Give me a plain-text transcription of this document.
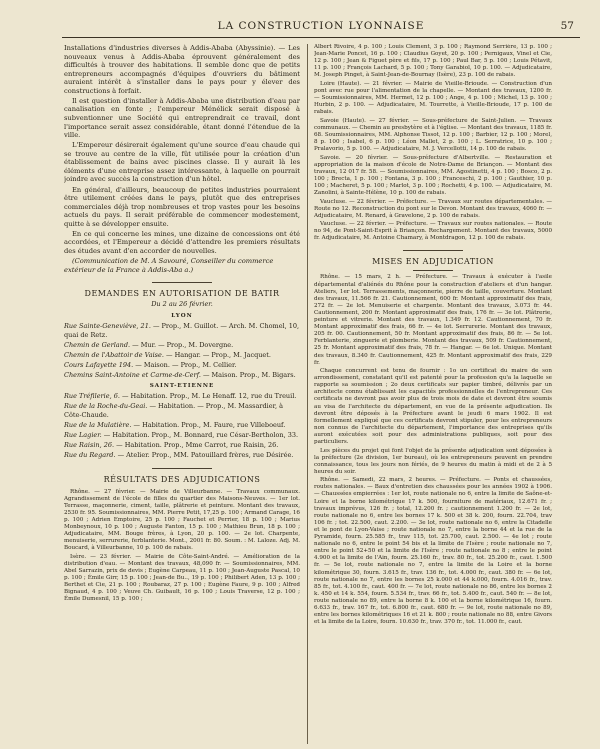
LA CONSTRUCTION LYONNAISE	57

Installations d'industries diverses à Addis-Ababa (Abyssinie). — Les nouveaux venus à Addis-Ababa éprouvent généralement des difficultés à trouver des habitations. Il semble donc que de petits entrepreneurs accompagnés d'équipes d'ouvriers du bâtiment auraient intérêt à s'installer dans le pays pour y élever des constructions à forfait.

Il est question d'installer à Addis-Ababa une distribution d'eau par canalisation en fonte ; l'empereur Ménélick serait disposé à subventionner une Société qui entreprendrait ce travail, dont l'importance serait assez considérable, étant donné l'étendue de la ville.

L'Empereur désirerait également qu'une source d'eau chaude qui se trouve au centre de la ville, fût utilisée pour la création d'un établissement de bains avec piscines classe. Il y aurait là les éléments d'une entreprise assez intéressante, à laquelle on pourrait joindre avec succès la construction d'un hôtel.

En général, d'ailleurs, beaucoup de petites industries pourraient être utilement créées dans le pays, plutôt que des entreprises commerciales déjà trop nombreuses et trop vastes pour les besoins actuels du pays. Il serait préférable de commencer modestement, quitte à se développer ensuite.

En ce qui concerne les mines, une dizaine de concessions ont été accordées, et l'Empereur a décidé d'attendre les premiers résultats des études avant d'en accorder de nouvelles.

(Communication de M. A Savouré, Conseiller du commerce extérieur de la France à Addis-Aba a.)

DEMANDES EN AUTORISATION DE BATIR
Du 2 au 26 février.
LYON

Rue Sainte-Geneviève, 21. — Prop., M. Guillot. — Arch. M. Chomel, 10, quai de Retz.

Chemin de Gerland. — Mur. — Prop., M. Dovergne.

Chemin de l'Abattoir de Vaise. — Hangar. — Prop., M. Jacquet.

Cours Lafayette 194. — Maison. — Prop., M. Cellier.

Chemins Saint-Antoine et Carme-de-Cerf. — Maison. Prop., M. Bigars.

SAINT-ETIENNE

Rue Tréfilerie, 6. — Habitation. Prop., M. Le Henaff. 12, rue du Treuil.

Rue de la Roche-du-Geai. — Habitation. — Prop., M. Massardier, à Côte-Chaude.

Rue de la Mulatière. — Habitation. Prop., M. Faure, rue Villeboeuf.

Rue Lagier. — Habitation. Prop., M. Bonnard, rue César-Bertholon, 33.

Rue Raisin, 26. — Habitation. Prop., Mme Carrot, rue Raisin, 26.

Rue du Regard. — Atelier. Prop., MM. Patouillard frères, rue Désirée.

RÉSULTATS DES ADJUDICATIONS

Rhône. — 27 février. — Mairie de Villeurbanne. — Travaux communaux. Agrandissement de l'école de filles du quartier des Maisons-Neuves. — 1er lot. Terrasse, maçonnerie, ciment, taille, plâtrerie et peinture. Montant des travaux, 2530 fr. 95. Soumissionnaires, MM. Pierre Petit, 17,25 p. 100 ; Armand Carage, 16 p. 100 ; Adrien Emptoire, 25 p. 100 ; Fauchet et Perrier, 18 p. 100 ; Marius Monbeynoux, 10 p. 100 ; Auguste Fanton, 15 p. 100 ; Mathieu Brun, 18 p. 100 ; Adjudicataire, MM. Bouge frères, à Lyon, 20 p. 100. — 2e lot. Charpente, menuiserie, serrurerie, ferblanterie. Mont., 2001 fr. 80. Soum. : M. Laloze. Adj. M. Boucard, à Villeurbanne, 10 p. 100 de rabais.

Isère. — 23 février. — Mairie de Côte-Saint-André. — Amélioration de la distribution d'eau. — Montant des travaux, 48,090 fr. — Soumissionnaires, MM. Abel Sarrazin, prix de devis ; Eugène Carpeau, 11 p. 100 ; Jean-Auguste Pascal, 10 p. 100 ; Émile Girr, 15 p. 100 ; Jean-de Bu.., 19 p. 100 ; Philibert Aden, 13 p. 100 ; Berthet et Cie, 21 p. 100 ; Roubaraz, 27 p. 100 ; Eugène Faure, 9 p. 100 ; Alfred Bignaud, 4 p. 100 ; Veuve Ch. Guibault, 16 p. 100 ; Louis Traverse, 12 p. 100 ; Émile Dumesnil, 15 p. 100 ;

Albert Rivoire, 4 p. 100 ; Louis Clement, 3 p. 100 ; Raymond Serrière, 13 p. 100 ; Jean-Marie Poncet, 16 p. 100 ; Claudius Goyet, 20 p. 100 ; Pernigaux, Vinel et Cie, 12 p. 100 ; Jean & Figuet père et fils, 17 p. 100 ; Paul Bar, 5 p. 100 ; Louis Pétavit, 11 p. 100 ; François Lachard, 5 p. 100 ; Tony Garabiol, 10 p. 100. — Adjudicataire, M. Joseph Pinget, à Saint-Jean-de-Bournay (Isère), 23 p. 100 de rabais.

Loire (Haute). — 21 février. — Mairie de Vieille-Brioude. — Construction d'un pont avec rue pour l'alimentation de la chapelle. — Montant des travaux, 1200 fr. — Soumissionnaires, MM. Hermet, 12 p. 100 ; Ange, 4 p. 100 ; Michel, 13 p. 100 ; Hurbin, 2 p. 100. — Adjudicataire, M. Tourrette, à Vieille-Brioude, 17 p. 100 de rabais.

Savoie (Haute). — 27 février. — Sous-préfecture de Saint-Julien. — Travaux communaux. — Chemin au presbytère et à l'église. — Montant des travaux, 1185 fr. 68. Soumissionnaires, MM. Alphonse Tissot, 12 p. 100 ; Barbier, 12 p. 100 ; Morel, 8 p. 100 ; Isabel, 6 p. 100 ; Léon Mallet, 2 p. 100 ; L. Serratrice, 10 p. 100 ; Pralavorio, 5 p. 100. — Adjudicataire, M. J. Vercellotti, 14 p. 100 de rabais.

Savoie. — 20 février. — Sous-préfecture d'Albertville. — Restauration et appropriation de la maison d'école de Notre-Dame de Briançon. — Montant des travaux, 12 017 fr. 58. — Soumissionnaires, MM. Agostinetti, 4 p. 100 ; Bosco, 2 p. 100 ; Brecta, 1 p. 100 ; Fontana, 3 p. 100 ; Franceschi, 2 p. 100 ; Gauthier, 10 p. 100 ; Macheret, 5 p. 100 ; Marlot, 3 p. 100 ; Rochetti, 4 p. 100. — Adjudicataire, M. Zanolini, à Sainte-Hélène, 10 p. 100 de rabais.

Vaucluse. — 22 février. — Préfecture. — Travaux sur routes départementales. — Route no 12. Reconstruction du pont sur le Devon. Montant des travaux, 4060 fr. — Adjudicataire, M. Renard, à Gravelone, 2 p. 100 de rabais.

Vaucluse. — 22 février. — Préfecture. — Travaux sur routes nationales. — Route no 94, de Pont-Saint-Esprit à Briançon. Rechargement. Montant des travaux, 5000 fr. Adjudicataire, M. Antoine Chamary, à Montdragon, 12 p. 100 de rabais.

MISES EN ADJUDICATION

Rhône. — 15 mars, 2 h. — Préfecture. — Travaux à exécuter à l'asile départemental d'aliénés du Rhône pour la construction d'ateliers et d'un hangar. Ateliers, 1er lot. Terrassements, maçonnerie, pierre de taille, couverture. Montant des travaux, 11.566 fr. 21. Cautionnement, 600 fr. Montant approximatif des frais, 272 fr. — 2e lot. Menuiserie et charpente. Montant des travaux, 3.073 fr. 44. Cautionnement, 200 fr. Montant approximatif des frais, 176 fr. — 3e lot. Plâtrerie, peinture et vitrerie. Montant des travaux, 1.349 fr. 12. Cautionnement, 70 fr. Montant approximatif des frais, 66 fr. — 4e lot. Serrurerie. Montant des travaux, 205 fr. 00. Cautionnement, 50 fr. Montant approximatif des frais, 86 fr. — 5e lot. Ferblanterie, zinguerie et plomberie. Montant des travaux, 509 fr. Cautionnement, 25 fr. Montant approximatif des frais, 78 fr. — Hangar. — 6e lot. Unique. Montant des travaux, 8.340 fr. Cautionnement, 425 fr. Montant approximatif des frais, 229 fr.

Chaque concurrent est tenu de fournir : 1o un certificat du maire de son arrondissement, constatant qu'il est patenté pour la profession qu'a la laquelle se rapporte sa soumission ; 2o deux certificats sur papier timbré, délivrés par un architecte connu établissant les capacités professionnelles de l'entrepreneur. Ces certificats ne devront pas avoir plus de trois mois de date et devront être soumis au visa de l'architecte du département, en vue de la présente adjudication. Ils devront être déposés à la Préfecture avant le jeudi 6 mars 1902. Il est formellement expliqué que ces certificats devront stipuler, pour les entrepreneurs non connus de l'architecte du département, l'importance des entreprises qu'ils auront exécutées soit pour des administrations publiques, soit pour des particuliers.

Les pièces du projet qui font l'objet de la présente adjudication sont déposées à la préfecture (2e division, 1er bureau), où les entrepreneurs peuvent en prendre connaissance, tous les jours non fériés, de 9 heures du matin à midi et de 2 à 5 heures du soir.

Rhône. — Samedi, 22 mars, 2 heures. — Préfecture. — Ponts et chaussées, routes nationales. — Baux d'entretien des chaussées pour les années 1902 à 1906. — Chaussées empierrées : 1er lot, route nationale no 6, entre la limite de Saône-et-Loire et la borne kilométrique 17 k. 500, fourniture de matériaux, 12.671 fr. ; travaux imprévus, 126 fr. ; total, 12.200 fr. ; cautionnement 1.200 fr. — 2e lot, route nationale no 6, entre les bornes 17 k. 500 et 38 k. 200, fourn. 22.704, trav 106 fr. ; tot. 22.500, caut. 2.200. — 3e lot, route nationale no 6, entre la Citadelle et le pont de Lyon-Vaise ; route nationale no 7, entre la borne 44 et la rue de la Pyramide, fourn. 25.585 fr., trav 115, tot. 25.700, caut. 2.500. — 4e lot ; route nationale no 6, entre le point 54 bis et la limite de l'Isère ; route nationale no 7, entre le point 52+50 et la limite de l'Isère ; route nationale no 8 ; entre le point 4.900 et la limite de l'Ain, fourn. 25.160 fr., trav. 80 fr., tot. 25.200 fr., caut. 1.500 fr. — 5e lot, route nationale no 7, entre la limite de la Loire et la borne kilométrique 30, fourn. 3.615 fr., trav. 136 fr., tot. 4.000 fr., caut. 380 fr. — 6e lot, route nationale no 7, entre les bornes 25 k.000 et 44 k.000, fourn. 4.016 fr., trav. 85 fr., tot. 4.100 fr., caut. 400 fr. — 7e lot, route nationale no 86, entre les bornes 2 k. 450 et 14 k. 554, fourn. 5.534 fr., trav. 66 fr., tot. 5.400 fr., caut. 540 fr. — 8e lot, route nationale no 89, entre la borne 8 k. 100 et la borne kilométrique 16, fourn. 6.633 fr., trav. 167 fr., tot. 6.800 fr., caut. 680 fr. — 9e lot, route nationale no 89, entre les bornes kilométriques 16 et 21 k. 800 ; route nationale no 88, entre Givors et la limite de la Loire, fourn. 10.630 fr., trav. 370 fr., tot. 11.000 fr., caut.
